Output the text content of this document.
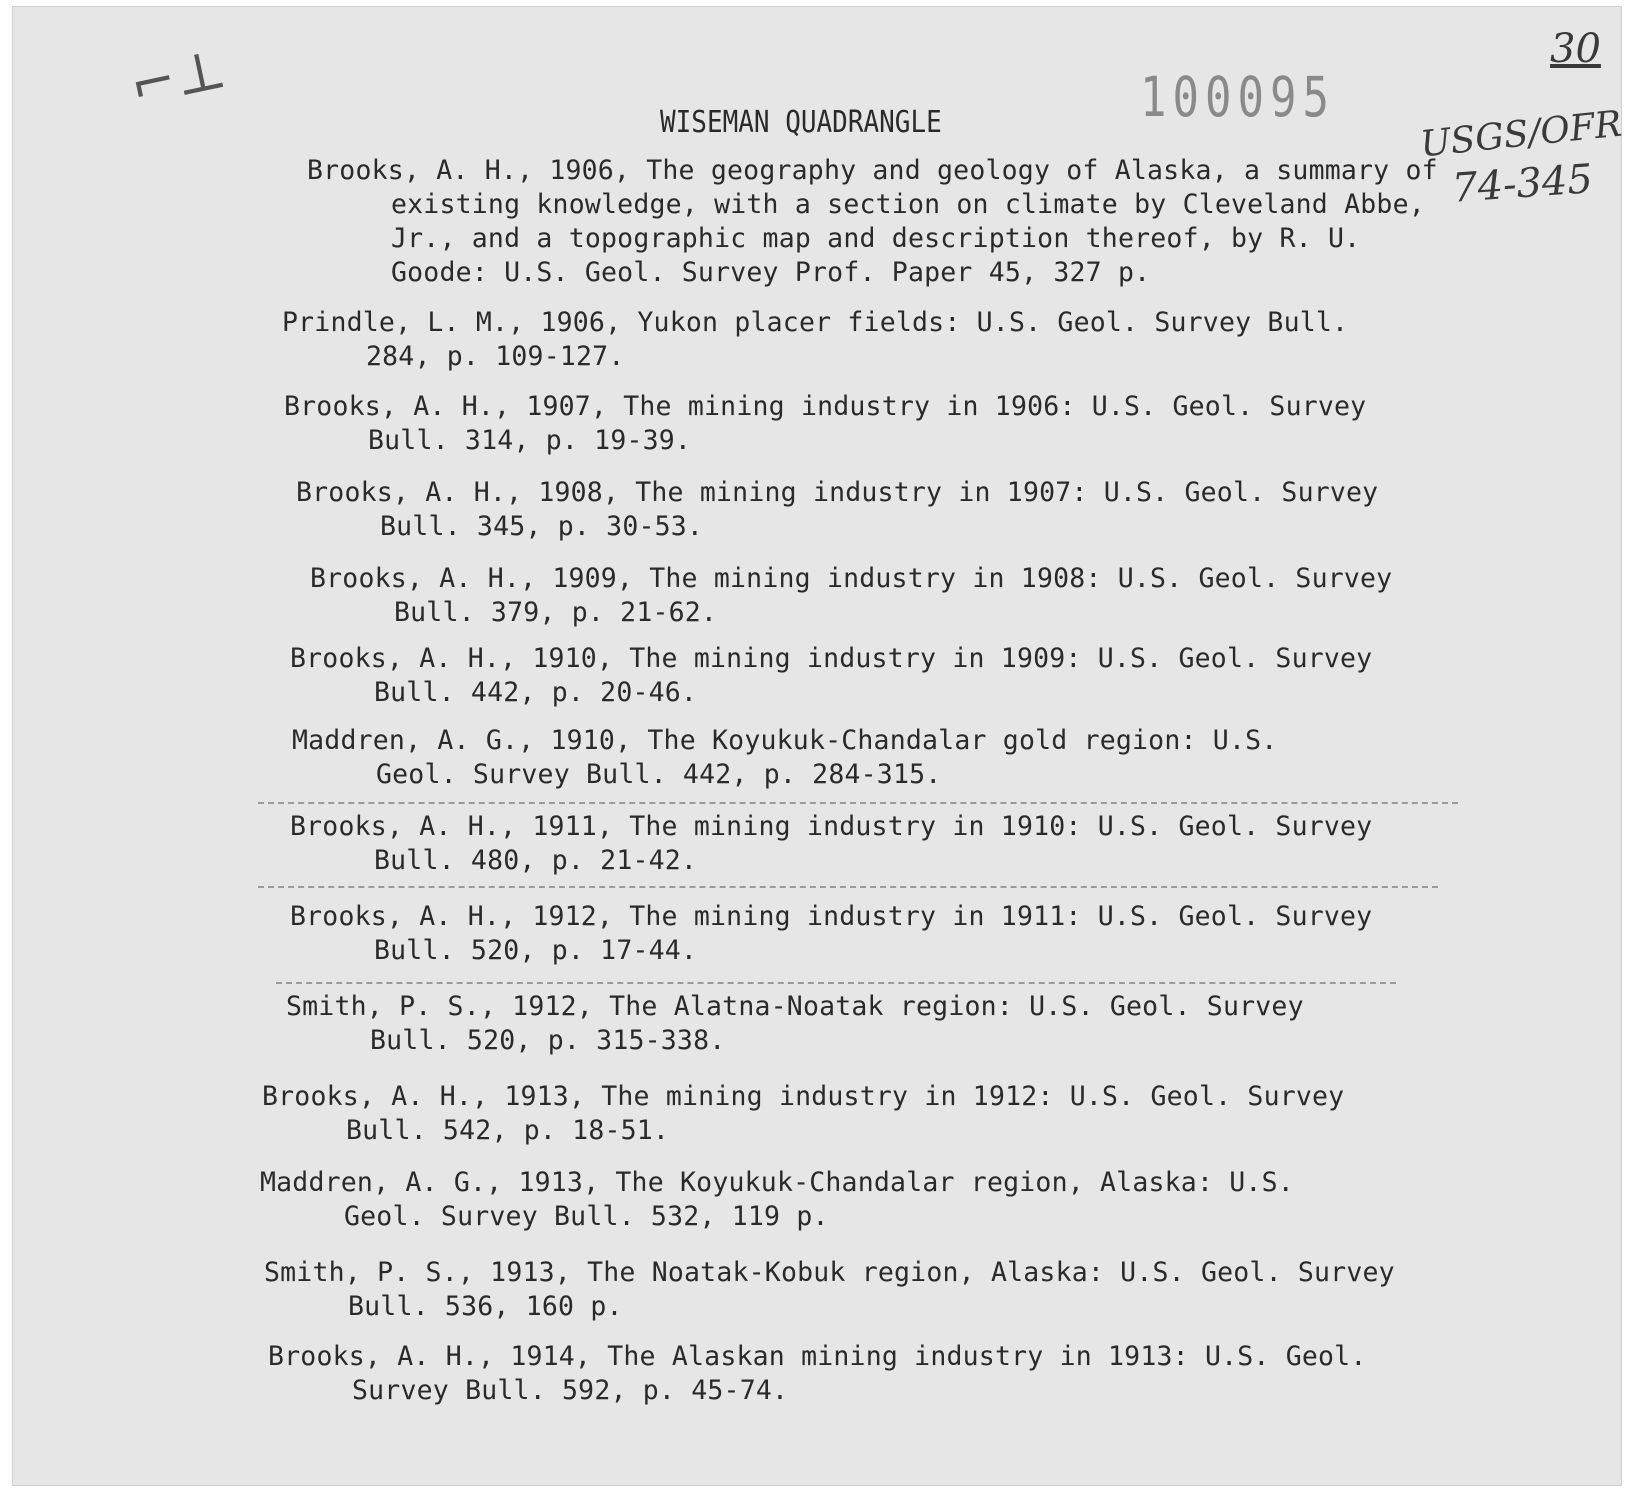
⌐⊥	100095
30
USGS/OFR
74-345
WISEMAN QUADRANGLE
Brooks, A. H., 1906, The geography and geology of Alaska, a summary of
existing knowledge, with a section on climate by Cleveland Abbe,
Jr., and a topographic map and description thereof, by R. U.
Goode: U.S. Geol. Survey Prof. Paper 45, 327 p.
Prindle, L. M., 1906, Yukon placer fields: U.S. Geol. Survey Bull.
284, p. 109-127.
Brooks, A. H., 1907, The mining industry in 1906: U.S. Geol. Survey
Bull. 314, p. 19-39.
Brooks, A. H., 1908, The mining industry in 1907: U.S. Geol. Survey
Bull. 345, p. 30-53.
Brooks, A. H., 1909, The mining industry in 1908: U.S. Geol. Survey
Bull. 379, p. 21-62.
Brooks, A. H., 1910, The mining industry in 1909: U.S. Geol. Survey
Bull. 442, p. 20-46.
Maddren, A. G., 1910, The Koyukuk-Chandalar gold region: U.S.
Geol. Survey Bull. 442, p. 284-315.
Brooks, A. H., 1911, The mining industry in 1910: U.S. Geol. Survey
Bull. 480, p. 21-42.
Brooks, A. H., 1912, The mining industry in 1911: U.S. Geol. Survey
Bull. 520, p. 17-44.
Smith, P. S., 1912, The Alatna-Noatak region: U.S. Geol. Survey
Bull. 520, p. 315-338.
Brooks, A. H., 1913, The mining industry in 1912: U.S. Geol. Survey
Bull. 542, p. 18-51.
Maddren, A. G., 1913, The Koyukuk-Chandalar region, Alaska: U.S.
Geol. Survey Bull. 532, 119 p.
Smith, P. S., 1913, The Noatak-Kobuk region, Alaska: U.S. Geol. Survey
Bull. 536, 160 p.
Brooks, A. H., 1914, The Alaskan mining industry in 1913: U.S. Geol.
Survey Bull. 592, p. 45-74.
